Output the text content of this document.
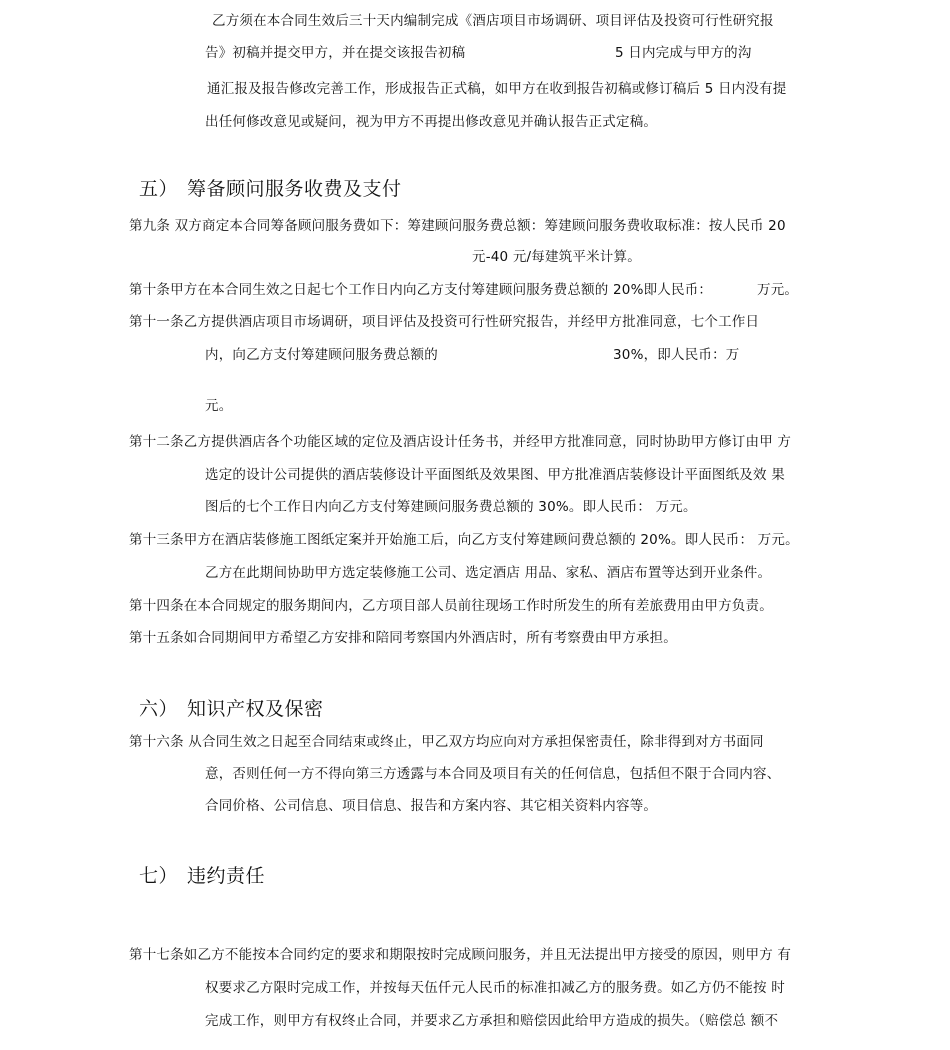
乙方须在本合同生效后三十天内编制完成《酒店项目市场调研、项目评估及投资可行性研究报
告》初稿并提交甲方，并在提交该报告初稿	5 日内完成与甲方的沟
通汇报及报告修改完善工作，形成报告正式稿，如甲方在收到报告初稿或修订稿后 5 日内没有提
出任何修改意见或疑问，视为甲方不再提出修改意见并确认报告正式定稿。
五） 筹备顾问服务收费及支付
第九条 双方商定本合同筹备顾问服务费如下：筹建顾问服务费总额：筹建顾问服务费收取标准：按人民币 20
元-40 元/每建筑平米计算。
第十条甲方在本合同生效之日起七个工作日内向乙方支付筹建顾问服务费总额的 20%即人民币：	万元。
第十一条乙方提供酒店项目市场调研，项目评估及投资可行性研究报告，并经甲方批准同意，七个工作日
内，向乙方支付筹建顾问服务费总额的	30%，即人民币：万
元。
第十二条乙方提供酒店各个功能区域的定位及酒店设计任务书，并经甲方批准同意，同时协助甲方修订由甲 方
选定的设计公司提供的酒店装修设计平面图纸及效果图、甲方批准酒店装修设计平面图纸及效 果
图后的七个工作日内向乙方支付筹建顾问服务费总额的 30%。即人民币： 万元。
第十三条甲方在酒店装修施工图纸定案并开始施工后，向乙方支付筹建顾问费总额的 20%。即人民币： 万元。
乙方在此期间协助甲方选定装修施工公司、选定酒店 用品、家私、酒店布置等达到开业条件。
第十四条在本合同规定的服务期间内，乙方项目部人员前往现场工作时所发生的所有差旅费用由甲方负责。
第十五条如合同期间甲方希望乙方安排和陪同考察国内外酒店时，所有考察费由甲方承担。
六） 知识产权及保密
第十六条 从合同生效之日起至合同结束或终止，甲乙双方均应向对方承担保密责任，除非得到对方书面同
意，否则任何一方不得向第三方透露与本合同及项目有关的任何信息，包括但不限于合同内容、
合同价格、公司信息、项目信息、报告和方案内容、其它相关资料内容等。
七） 违约责任
第十七条如乙方不能按本合同约定的要求和期限按时完成顾问服务，并且无法提出甲方接受的原因，则甲方 有
权要求乙方限时完成工作，并按每天伍仟元人民币的标准扣减乙方的服务费。如乙方仍不能按 时
完成工作，则甲方有权终止合同，并要求乙方承担和赔偿因此给甲方造成的损失。（赔偿总 额不
